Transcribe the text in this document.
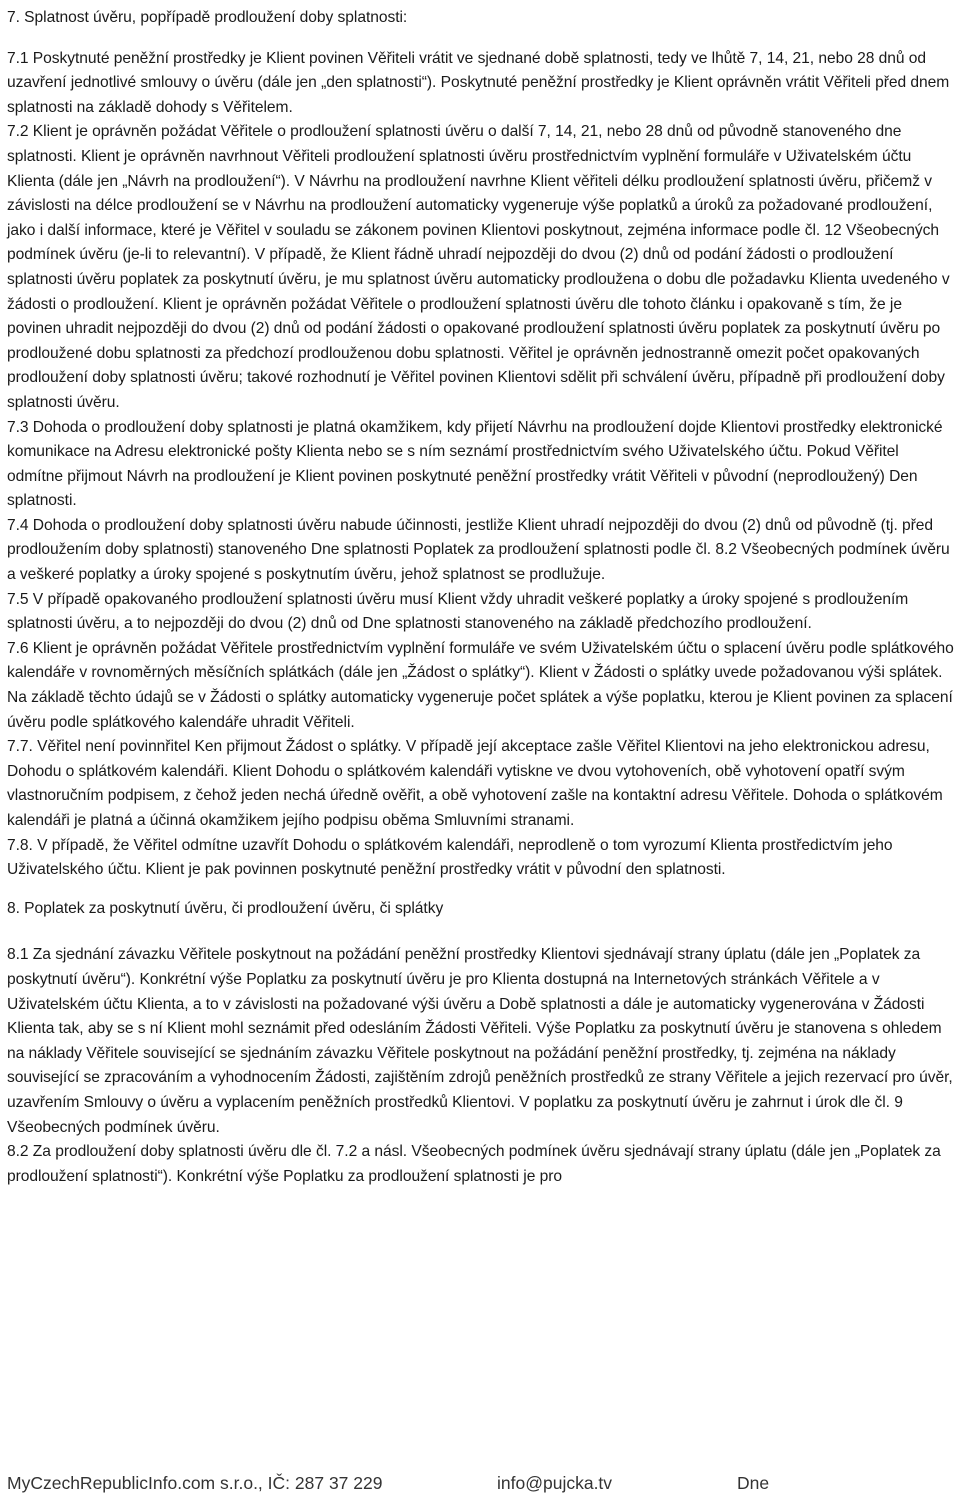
7. Splatnost úvěru, popřípadě prodloužení doby splatnosti:

7.1 Poskytnuté peněžní prostředky je Klient povinen Věřiteli vrátit ve sjednané době splatnosti, tedy ve lhůtě 7, 14, 21, nebo 28 dnů od uzavření jednotlivé smlouvy o úvěru (dále jen „den splatnosti“). Poskytnuté peněžní prostředky je Klient oprávněn vrátit Věřiteli před dnem splatnosti na základě dohody s Věřitelem.

7.2 Klient je oprávněn požádat Věřitele o prodloužení splatnosti úvěru o další 7, 14, 21, nebo 28 dnů od původně stanoveného dne splatnosti. Klient je oprávněn navrhnout Věřiteli prodloužení splatnosti úvěru prostřednictvím vyplnění formuláře v Uživatelském účtu Klienta (dále jen „Návrh na prodloužení“). V Návrhu na prodloužení navrhne Klient věřiteli délku prodloužení splatnosti úvěru, přičemž v závislosti na délce prodloužení se v Návrhu na prodloužení automaticky vygeneruje výše poplatků a úroků za požadované prodloužení, jako i další informace, které je Věřitel v souladu se zákonem povinen Klientovi poskytnout, zejména informace podle čl. 12 Všeobecných podmínek úvěru (je-li to relevantní). V případě, že Klient řádně uhradí nejpozději do dvou (2) dnů od podání žádosti o prodloužení splatnosti úvěru poplatek za poskytnutí úvěru, je mu splatnost úvěru automaticky prodloužena o dobu dle požadavku Klienta uvedeného v žádosti o prodloužení. Klient je oprávněn požádat Věřitele o prodloužení splatnosti úvěru dle tohoto článku i opakovaně s tím, že je povinen uhradit nejpozději do dvou (2) dnů od podání žádosti o opakované prodloužení splatnosti úvěru poplatek za poskytnutí úvěru po prodloužené dobu splatnosti za předchozí prodlouženou dobu splatnosti. Věřitel je oprávněn jednostranně omezit počet opakovaných prodloužení doby splatnosti úvěru; takové rozhodnutí je Věřitel povinen Klientovi sdělit při schválení úvěru, případně při prodloužení doby splatnosti úvěru.

7.3 Dohoda o prodloužení doby splatnosti je platná okamžikem, kdy přijetí Návrhu na prodloužení dojde Klientovi prostředky elektronické komunikace na Adresu elektronické pošty Klienta nebo se s ním seznámí prostřednictvím svého Uživatelského účtu. Pokud Věřitel odmítne přijmout Návrh na prodloužení je Klient povinen poskytnuté peněžní prostředky vrátit Věřiteli v původní (neprodloužený) Den splatnosti.

7.4 Dohoda o prodloužení doby splatnosti úvěru nabude účinnosti, jestliže Klient uhradí nejpozději do dvou (2) dnů od původně (tj. před prodloužením doby splatnosti) stanoveného Dne splatnosti Poplatek za prodloužení splatnosti podle čl. 8.2 Všeobecných podmínek úvěru a veškeré poplatky a úroky spojené s poskytnutím úvěru, jehož splatnost se prodlužuje.

7.5 V případě opakovaného prodloužení splatnosti úvěru musí Klient vždy uhradit veškeré poplatky a úroky spojené s prodloužením splatnosti úvěru, a to nejpozději do dvou (2) dnů od Dne splatnosti stanoveného na základě předchozího prodloužení.

7.6 Klient je oprávněn požádat Věřitele prostřednictvím vyplnění formuláře ve svém Uživatelském účtu o splacení úvěru podle splátkového kalendáře v rovnoměrných měsíčních splátkách (dále jen „Žádost o splátky“). Klient v Žádosti o splátky uvede požadovanou výši splátek. Na základě těchto údajů se v Žádosti o splátky automaticky vygeneruje počet splátek a výše poplatku, kterou je Klient povinen za splacení úvěru podle splátkového kalendáře uhradit Věřiteli.

7.7. Věřitel není povinnřitel Ken přijmout Žádost o splátky. V případě její akceptace zašle Věřitel Klientovi na jeho elektronickou adresu, Dohodu o splátkovém kalendáři. Klient Dohodu o splátkovém kalendáři vytiskne ve dvou vytohoveních, obě vyhotovení opatří svým vlastnoručním podpisem, z čehož jeden nechá úředně ověřit, a obě vyhotovení zašle na kontaktní adresu Věřitele. Dohoda o splátkovém kalendáři je platná a účinná okamžikem jejího podpisu oběma Smluvními stranami.

7.8. V případě, že Věřitel odmítne uzavřít Dohodu o splátkovém kalendáři, neprodleně o tom vyrozumí Klienta prostředictvím jeho Uživatelského účtu. Klient je pak povinnen poskytnuté peněžní prostředky vrátit v původní den splatnosti.

8. Poplatek za poskytnutí úvěru, či prodloužení úvěru, či splátky

8.1 Za sjednání závazku Věřitele poskytnout na požádání peněžní prostředky Klientovi sjednávají strany úplatu (dále jen „Poplatek za poskytnutí úvěru“). Konkrétní výše Poplatku za poskytnutí úvěru je pro Klienta dostupná na Internetových stránkách Věřitele a v Uživatelském účtu Klienta, a to v závislosti na požadované výši úvěru a Době splatnosti a dále je automaticky vygenerována v Žádosti Klienta tak, aby se s ní Klient mohl seznámit před odesláním Žádosti Věřiteli. Výše Poplatku za poskytnutí úvěru je stanovena s ohledem na náklady Věřitele související se sjednáním závazku Věřitele poskytnout na požádání peněžní prostředky, tj. zejména na náklady související se zpracováním a vyhodnocením Žádosti, zajištěním zdrojů peněžních prostředků ze strany Věřitele a jejich rezervací pro úvěr, uzavřením Smlouvy o úvěru a vyplacením peněžních prostředků Klientovi. V poplatku za poskytnutí úvěru je zahrnut i úrok dle čl. 9 Všeobecných podmínek úvěru.

8.2 Za prodloužení doby splatnosti úvěru dle čl. 7.2 a násl. Všeobecných podmínek úvěru sjednávají strany úplatu (dále jen „Poplatek za prodloužení splatnosti“). Konkrétní výše Poplatku za prodloužení splatnosti je pro

MyCzechRepublicInfo.com s.r.o., IČ: 287 37 229	info@pujcka.tv	Dne
